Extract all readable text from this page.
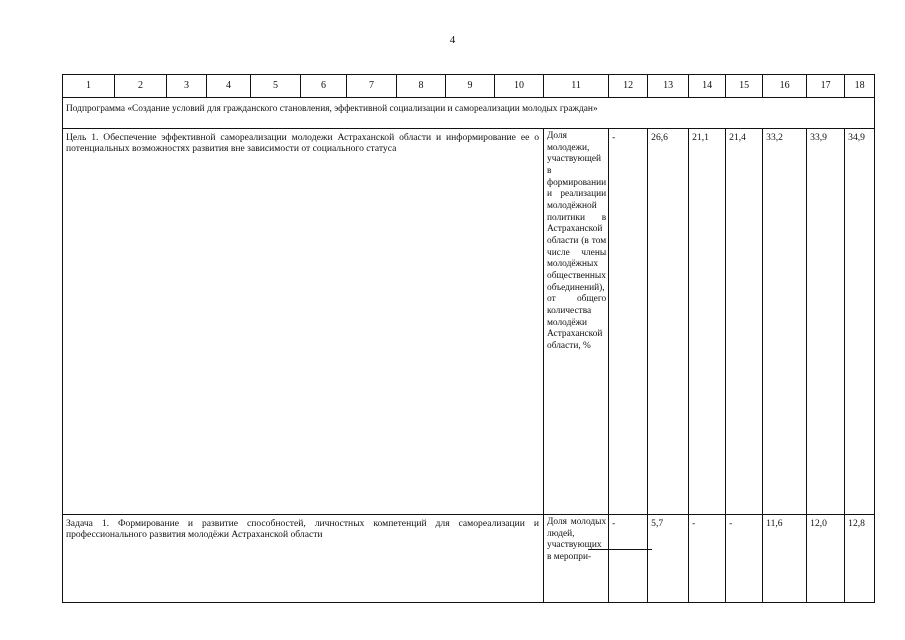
4
1	2	3	4	5	6	7	8	9	10	11	12	13	14	15	16	17	18
Подпрограмма «Создание условий для гражданского становления, эффективной социализации и самореализации молодых граждан»																	
Цель 1. Обеспечение эффективной самореализации молодежи Астраханской области и информирование ее о потенциальных возможностях развития вне зависимости от социального статуса										Доля молодежи, участвующей в формировании и реализации молодёжной политики в Астраханской области (в том числе члены молодёжных общественных объединений), от общего количества молодёжи Астраханской области, %	-	26,6	21,1	21,4	33,2	33,9	34,9
Задача 1. Формирование и развитие способностей, личностных компетенций для самореализации и профессионального развития молодёжи Астраханской области										Доля молодых людей, участвующих в меропри-	-	5,7	-	-	11,6	12,0	12,8
